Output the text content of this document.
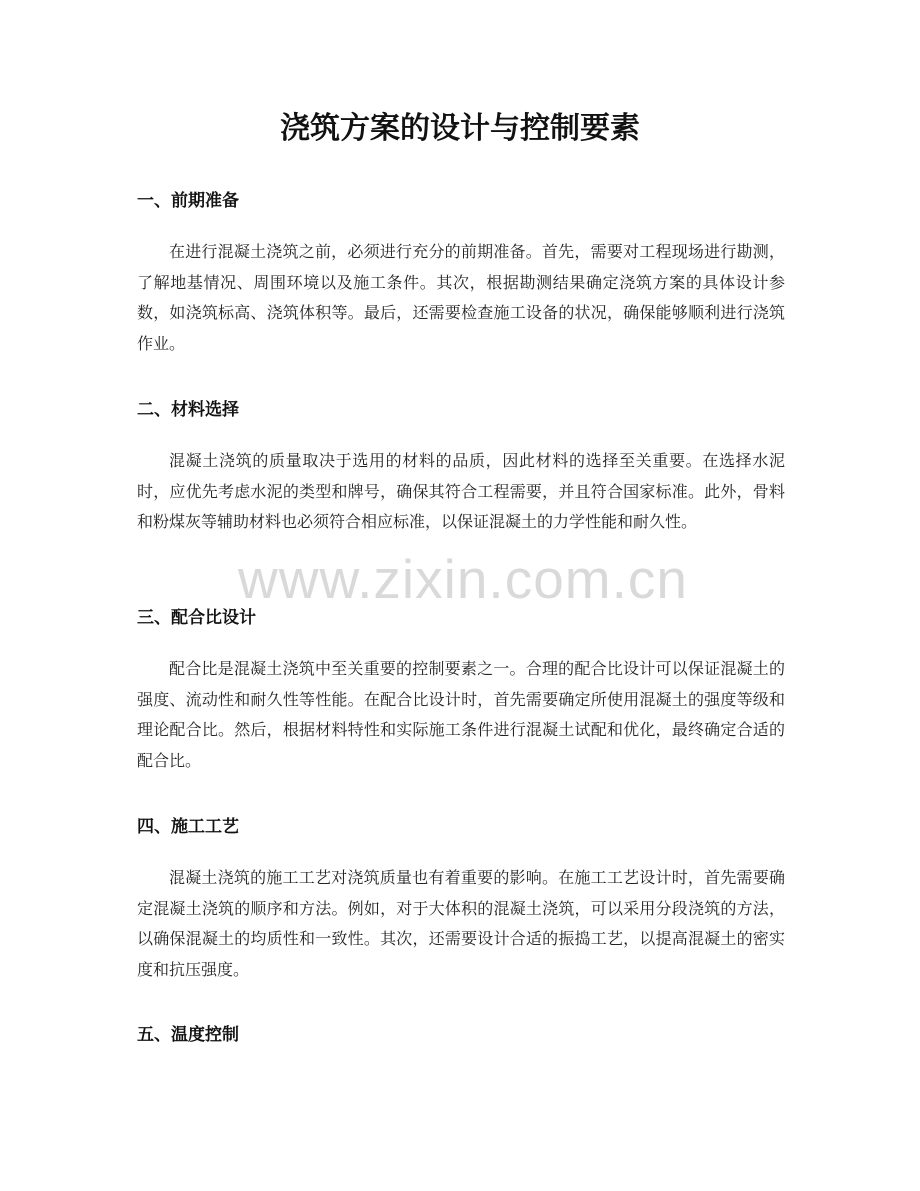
浇筑方案的设计与控制要素
一、前期准备

在进行混凝土浇筑之前，必须进行充分的前期准备。首先，需要对工程现场进行勘测，了解地基情况、周围环境以及施工条件。其次，根据勘测结果确定浇筑方案的具体设计参数，如浇筑标高、浇筑体积等。最后，还需要检查施工设备的状况，确保能够顺利进行浇筑作业。

二、材料选择

混凝土浇筑的质量取决于选用的材料的品质，因此材料的选择至关重要。在选择水泥时，应优先考虑水泥的类型和牌号，确保其符合工程需要，并且符合国家标准。此外，骨料和粉煤灰等辅助材料也必须符合相应标准，以保证混凝土的力学性能和耐久性。

三、配合比设计

配合比是混凝土浇筑中至关重要的控制要素之一。合理的配合比设计可以保证混凝土的强度、流动性和耐久性等性能。在配合比设计时，首先需要确定所使用混凝土的强度等级和理论配合比。然后，根据材料特性和实际施工条件进行混凝土试配和优化，最终确定合适的配合比。

四、施工工艺

混凝土浇筑的施工工艺对浇筑质量也有着重要的影响。在施工工艺设计时，首先需要确定混凝土浇筑的顺序和方法。例如，对于大体积的混凝土浇筑，可以采用分段浇筑的方法，以确保混凝土的均质性和一致性。其次，还需要设计合适的振捣工艺，以提高混凝土的密实度和抗压强度。

五、温度控制
www.zixin.com.cn
